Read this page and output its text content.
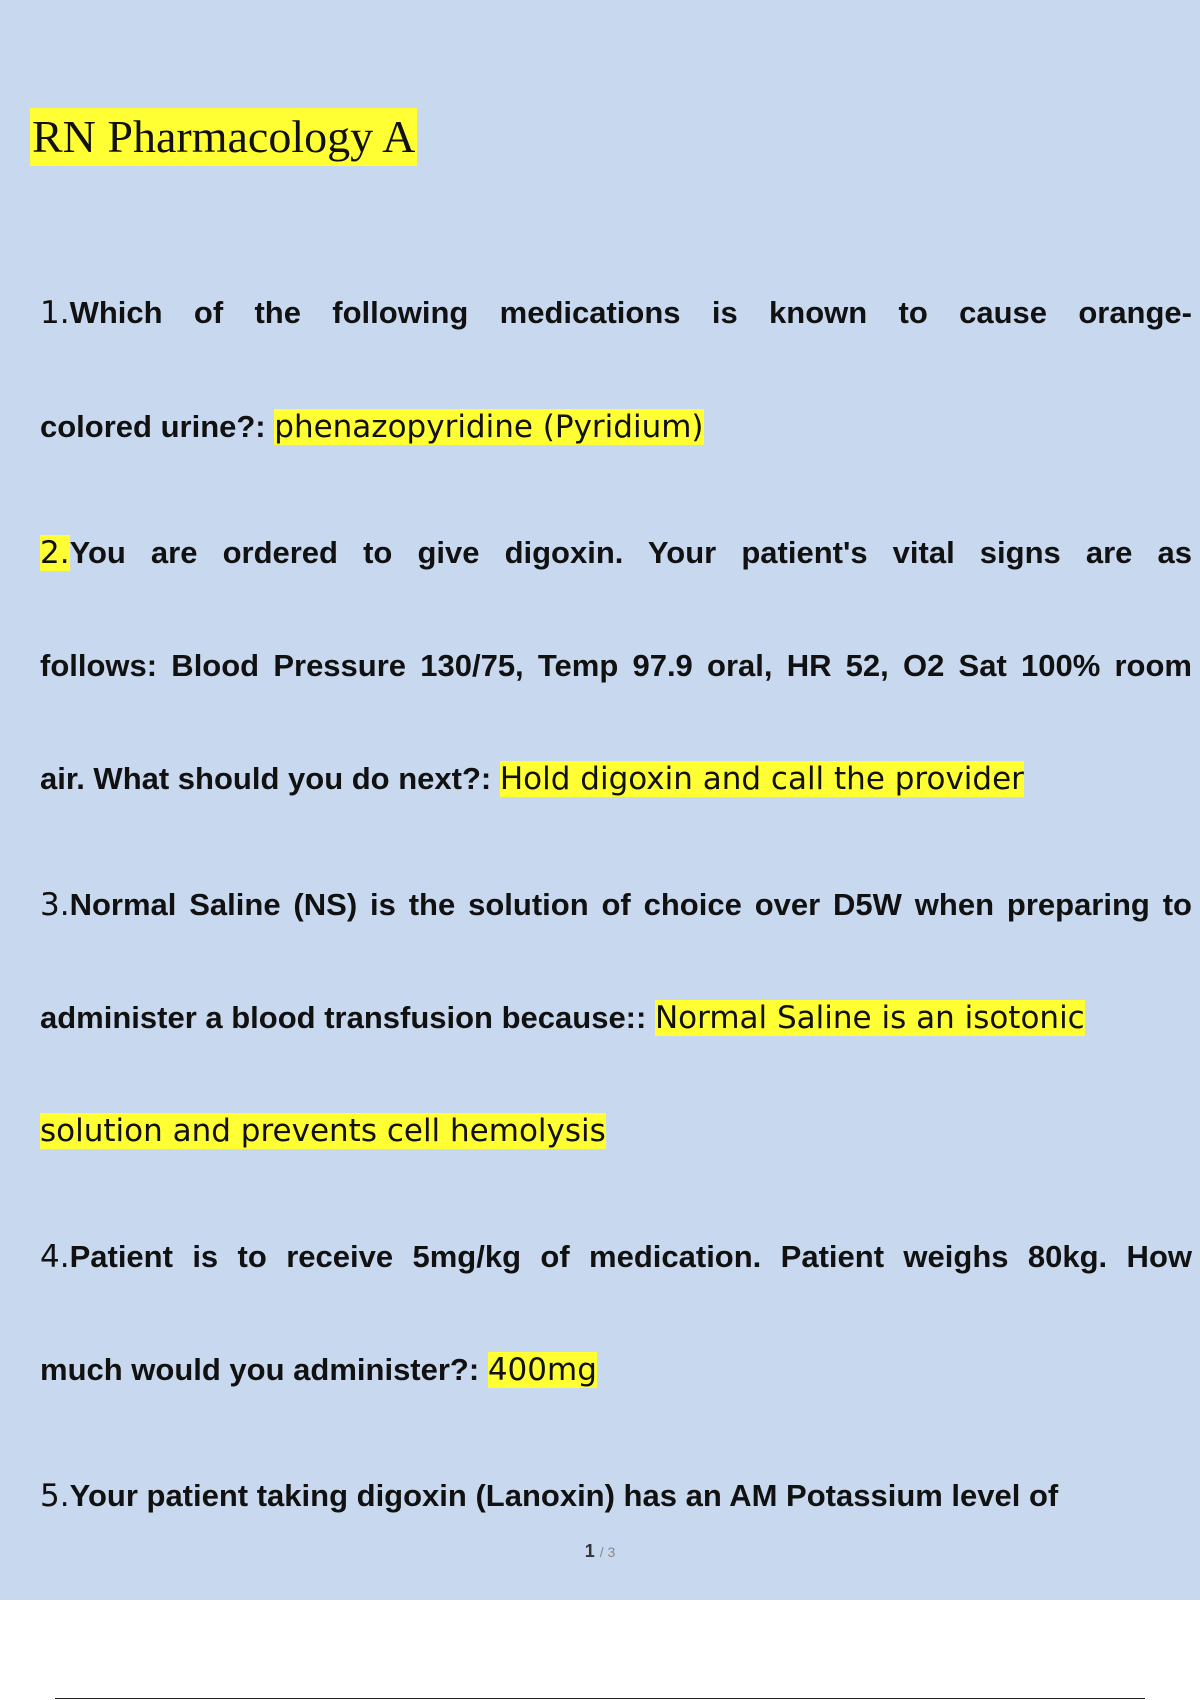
RN Pharmacology A
1.Which of the following medications is known to cause orange-
colored urine?: phenazopyridine (Pyridium)
2.You are ordered to give digoxin. Your patient's vital signs are as
follows: Blood Pressure 130/75, Temp 97.9 oral, HR 52, O2 Sat 100% room
air. What should you do next?: Hold digoxin and call the provider
3.Normal Saline (NS) is the solution of choice over D5W when preparing to
administer a blood transfusion because:: Normal Saline is an isotonic
solution and prevents cell hemolysis
4.Patient is to receive 5mg/kg of medication. Patient weighs 80kg. How
much would you administer?: 400mg
5.Your patient taking digoxin (Lanoxin) has an AM Potassium level of
1 / 3
